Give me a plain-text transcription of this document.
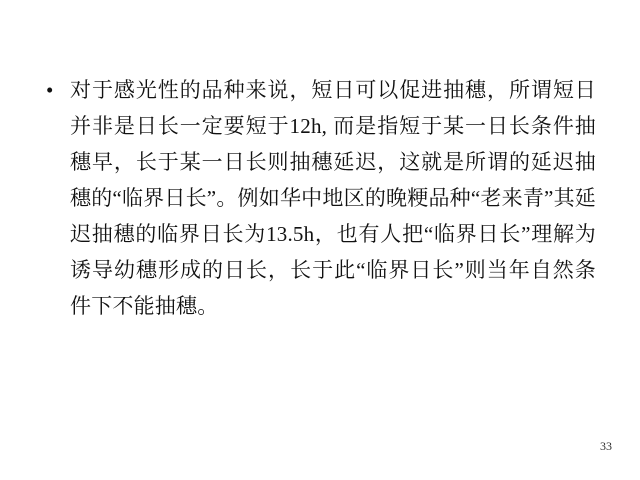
• 对于感光性的品种来说，短日可以促进抽穗，所谓短日并非是日长一定要短于12h, 而是指短于某一日长条件抽穗早，长于某一日长则抽穗延迟，这就是所谓的延迟抽穗的“临界日长”。例如华中地区的晚粳品种“老来青”其延迟抽穗的临界日长为13.5h，也有人把“临界日长”理解为诱导幼穗形成的日长，长于此“临界日长”则当年自然条件下不能抽穗。
33
